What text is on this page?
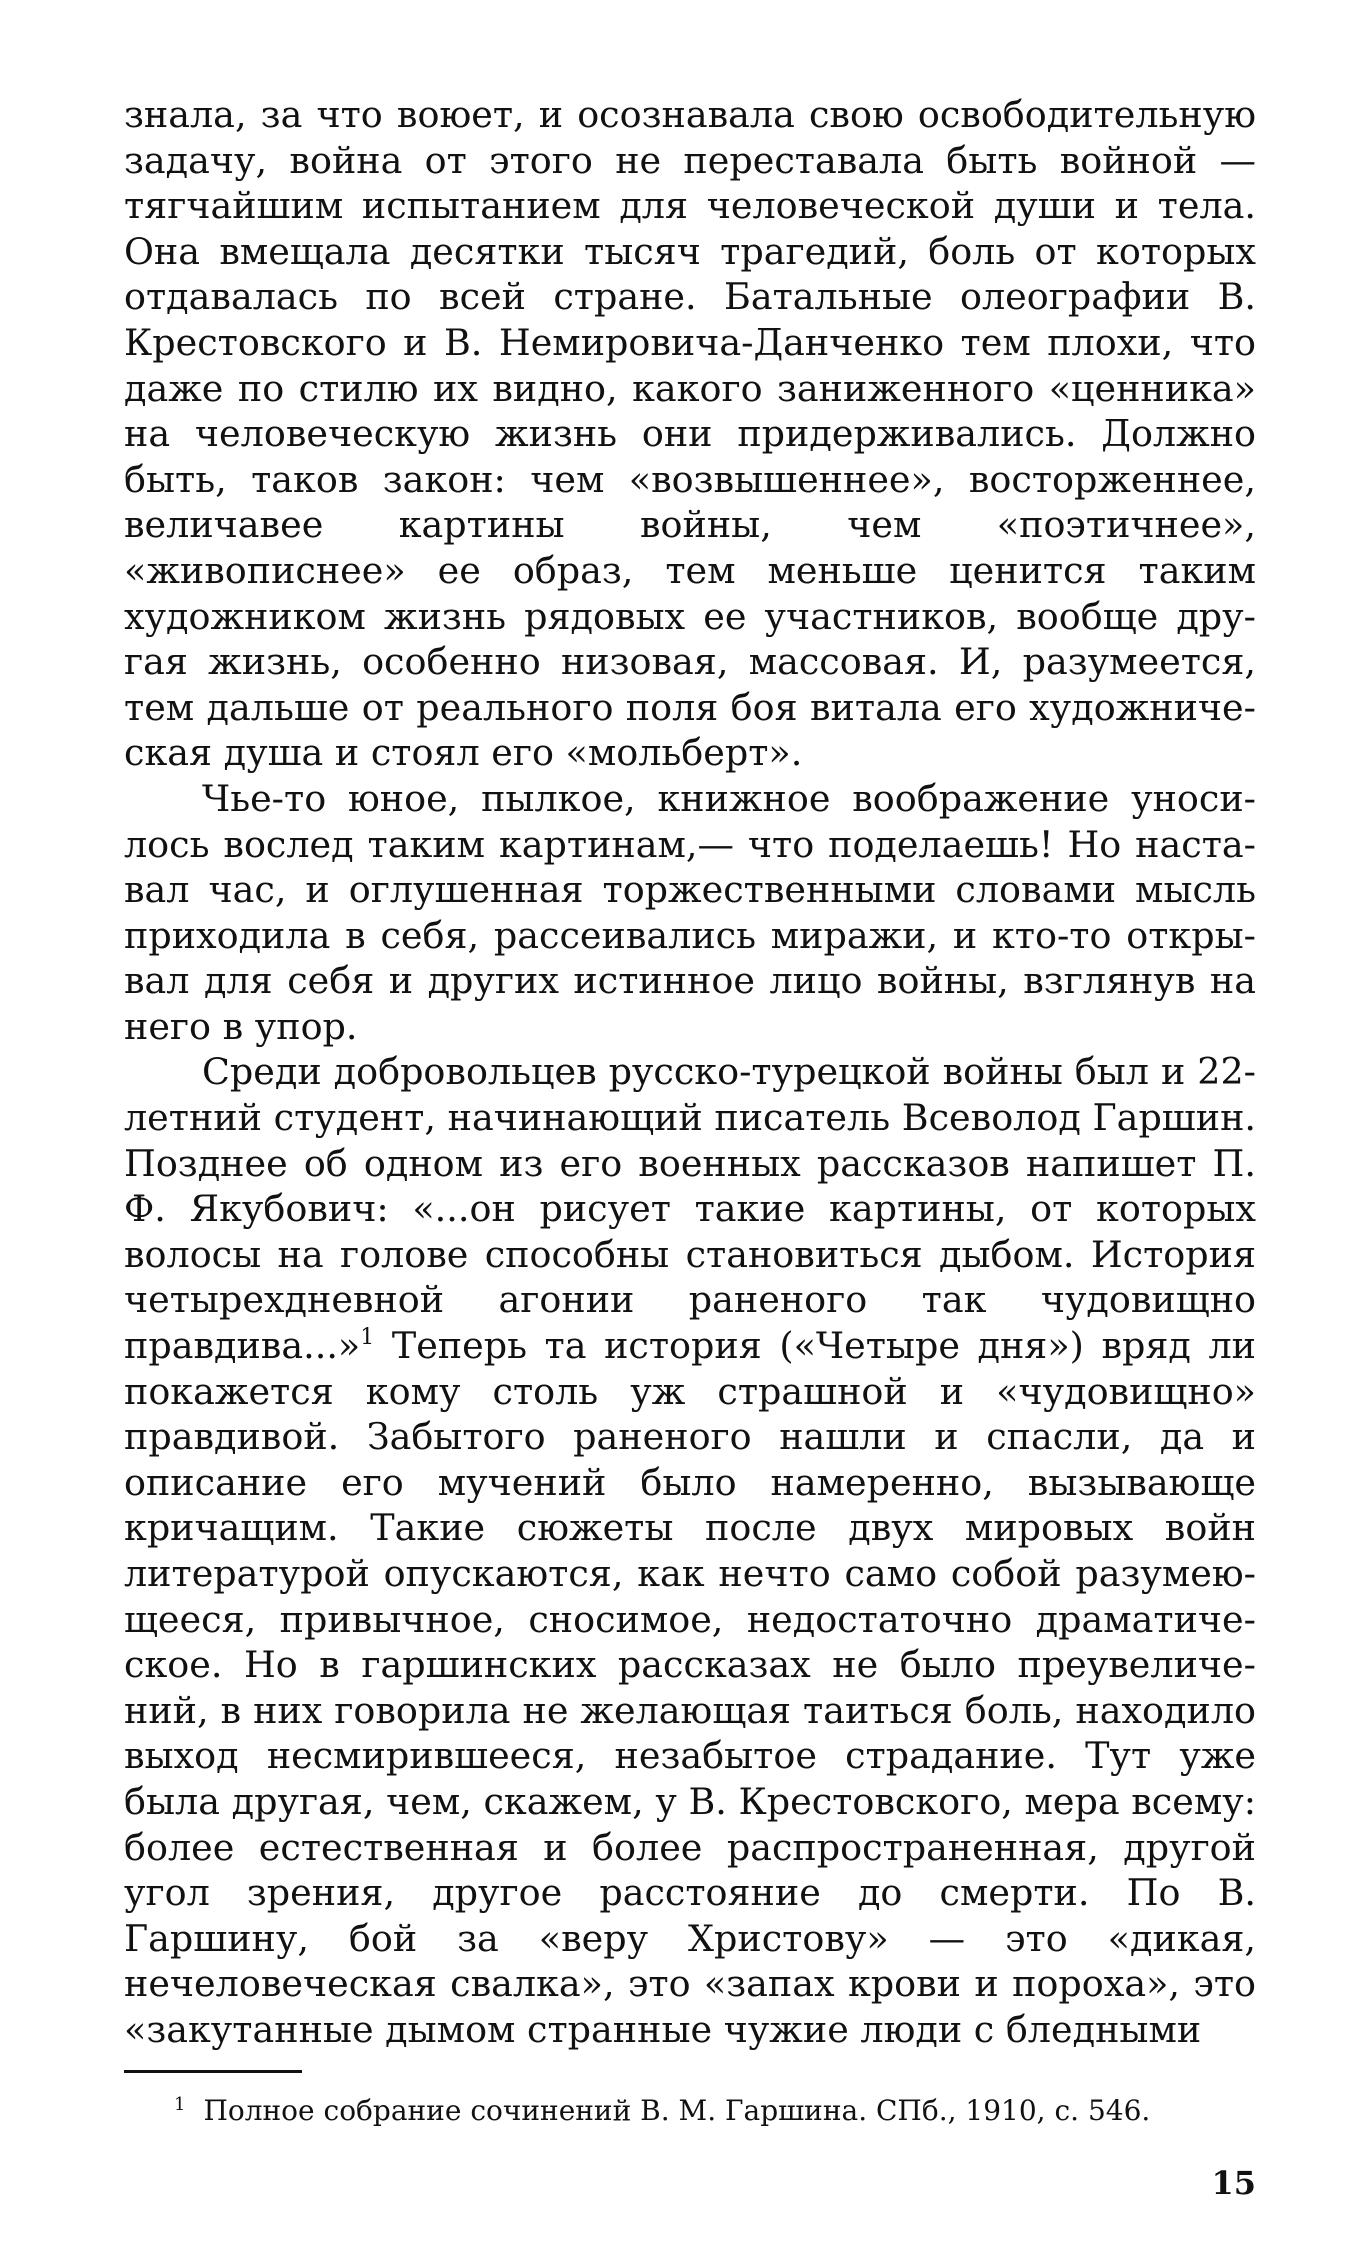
знала, за что воюет, и осознавала свою освободительную задачу, война от этого не переставала быть войной — тягчайшим испытанием для человеческой души и тела. Она вмещала десятки тысяч трагедий, боль от которых отдавалась по всей стране. Батальные олеографии В. Крестовского и В. Немировича-Данченко тем плохи, что даже по стилю их видно, какого заниженного «ценника» на человеческую жизнь они придерживались. Должно быть, таков закон: чем «возвышеннее», восторженнее, величавее картины войны, чем «поэтичнее», «живописнее» ее образ, тем меньше ценится таким художником жизнь рядовых ее участников, вообще другая жизнь, особенно низовая, массовая. И, разумеется, тем дальше от реального поля боя витала его художническая душа и стоял его «мольберт».

Чье-то юное, пылкое, книжное воображение уносилось вослед таким картинам,— что поделаешь! Но наставал час, и оглушенная торжественными словами мысль приходила в себя, рассеивались миражи, и кто-то открывал для себя и других истинное лицо войны, взглянув на него в упор.

Среди добровольцев русско-турецкой войны был и 22-летний студент, начинающий писатель Всеволод Гаршин. Позднее об одном из его военных рассказов напишет П. Ф. Якубович: «...он рисует такие картины, от которых волосы на голове способны становиться дыбом. История четырехдневной агонии раненого так чудовищно правдива...»$^1$ Теперь та история («Четыре дня») вряд ли покажется кому столь уж страшной и «чудовищно» правдивой. Забытого раненого нашли и спасли, да и описание его мучений было намеренно, вызывающе кричащим. Такие сюжеты после двух мировых войн литературой опускаются, как нечто само собой разумеющееся, привычное, сносимое, недостаточно драматическое. Но в гаршинских рассказах не было преувеличений, в них говорила не желающая таиться боль, находило выход несмирившееся, незабытое страдание. Тут уже была другая, чем, скажем, у В. Крестовского, мера всему: более естественная и более распространенная, другой угол зрения, другое расстояние до смерти. По В. Гаршину, бой за «веру Христову» — это «дикая, нечеловеческая свалка», это «запах крови и пороха», это «закутанные дымом странные чужие люди с бледными

$^1$ Полное собрание сочинений В. М. Гаршина. СПб., 1910, с. 546.
15
